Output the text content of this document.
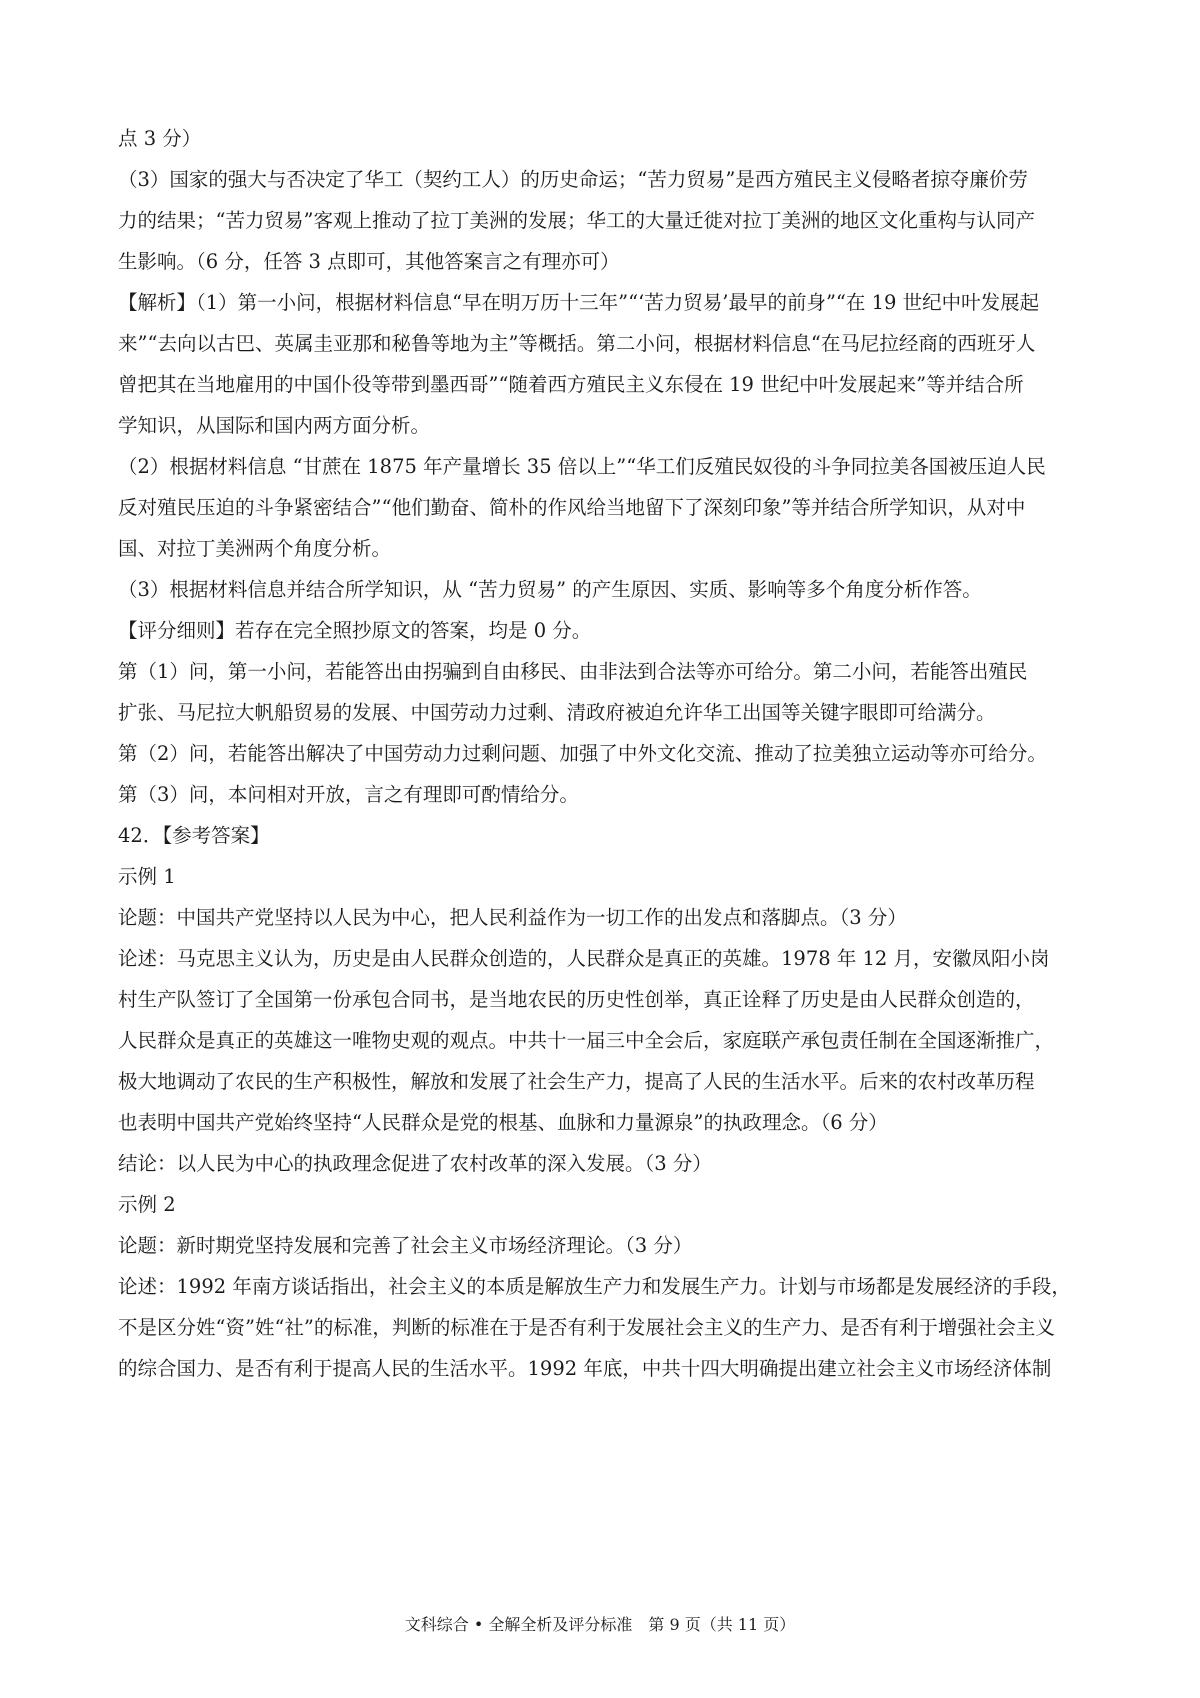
点 3 分）
（3）国家的强大与否决定了华工（契约工人）的历史命运；“苦力贸易”是西方殖民主义侵略者掠夺廉价劳
力的结果；“苦力贸易”客观上推动了拉丁美洲的发展；华工的大量迁徙对拉丁美洲的地区文化重构与认同产
生影响。（6 分，任答 3 点即可，其他答案言之有理亦可）
【解析】（1）第一小问，根据材料信息“早在明万历十三年”“‘苦力贸易’最早的前身”“在 19 世纪中叶发展起
来”“去向以古巴、英属圭亚那和秘鲁等地为主”等概括。第二小问，根据材料信息“在马尼拉经商的西班牙人
曾把其在当地雇用的中国仆役等带到墨西哥”“随着西方殖民主义东侵在 19 世纪中叶发展起来”等并结合所
学知识，从国际和国内两方面分析。
（2）根据材料信息 “甘蔗在 1875 年产量增长 35 倍以上”“华工们反殖民奴役的斗争同拉美各国被压迫人民
反对殖民压迫的斗争紧密结合”“他们勤奋、简朴的作风给当地留下了深刻印象”等并结合所学知识，从对中
国、对拉丁美洲两个角度分析。
（3）根据材料信息并结合所学知识，从 “苦力贸易” 的产生原因、实质、影响等多个角度分析作答。
【评分细则】若存在完全照抄原文的答案，均是 0 分。
第（1）问，第一小问，若能答出由拐骗到自由移民、由非法到合法等亦可给分。第二小问，若能答出殖民
扩张、马尼拉大帆船贸易的发展、中国劳动力过剩、清政府被迫允许华工出国等关键字眼即可给满分。
第（2）问，若能答出解决了中国劳动力过剩问题、加强了中外文化交流、推动了拉美独立运动等亦可给分。
第（3）问，本问相对开放，言之有理即可酌情给分。
42．【参考答案】
示例 1
论题：中国共产党坚持以人民为中心，把人民利益作为一切工作的出发点和落脚点。（3 分）
论述：马克思主义认为，历史是由人民群众创造的，人民群众是真正的英雄。1978 年 12 月，安徽凤阳小岗
村生产队签订了全国第一份承包合同书，是当地农民的历史性创举，真正诠释了历史是由人民群众创造的，
人民群众是真正的英雄这一唯物史观的观点。中共十一届三中全会后，家庭联产承包责任制在全国逐渐推广，
极大地调动了农民的生产积极性，解放和发展了社会生产力，提高了人民的生活水平。后来的农村改革历程
也表明中国共产党始终坚持“人民群众是党的根基、血脉和力量源泉”的执政理念。（6 分）
结论：以人民为中心的执政理念促进了农村改革的深入发展。（3 分）
示例 2
论题：新时期党坚持发展和完善了社会主义市场经济理论。（3 分）
论述：1992 年南方谈话指出，社会主义的本质是解放生产力和发展生产力。计划与市场都是发展经济的手段，
不是区分姓“资”姓“社”的标准，判断的标准在于是否有利于发展社会主义的生产力、是否有利于增强社会主义
的综合国力、是否有利于提高人民的生活水平。1992 年底，中共十四大明确提出建立社会主义市场经济体制
文科综合 • 全解全析及评分标准　第 9 页（共 11 页）
